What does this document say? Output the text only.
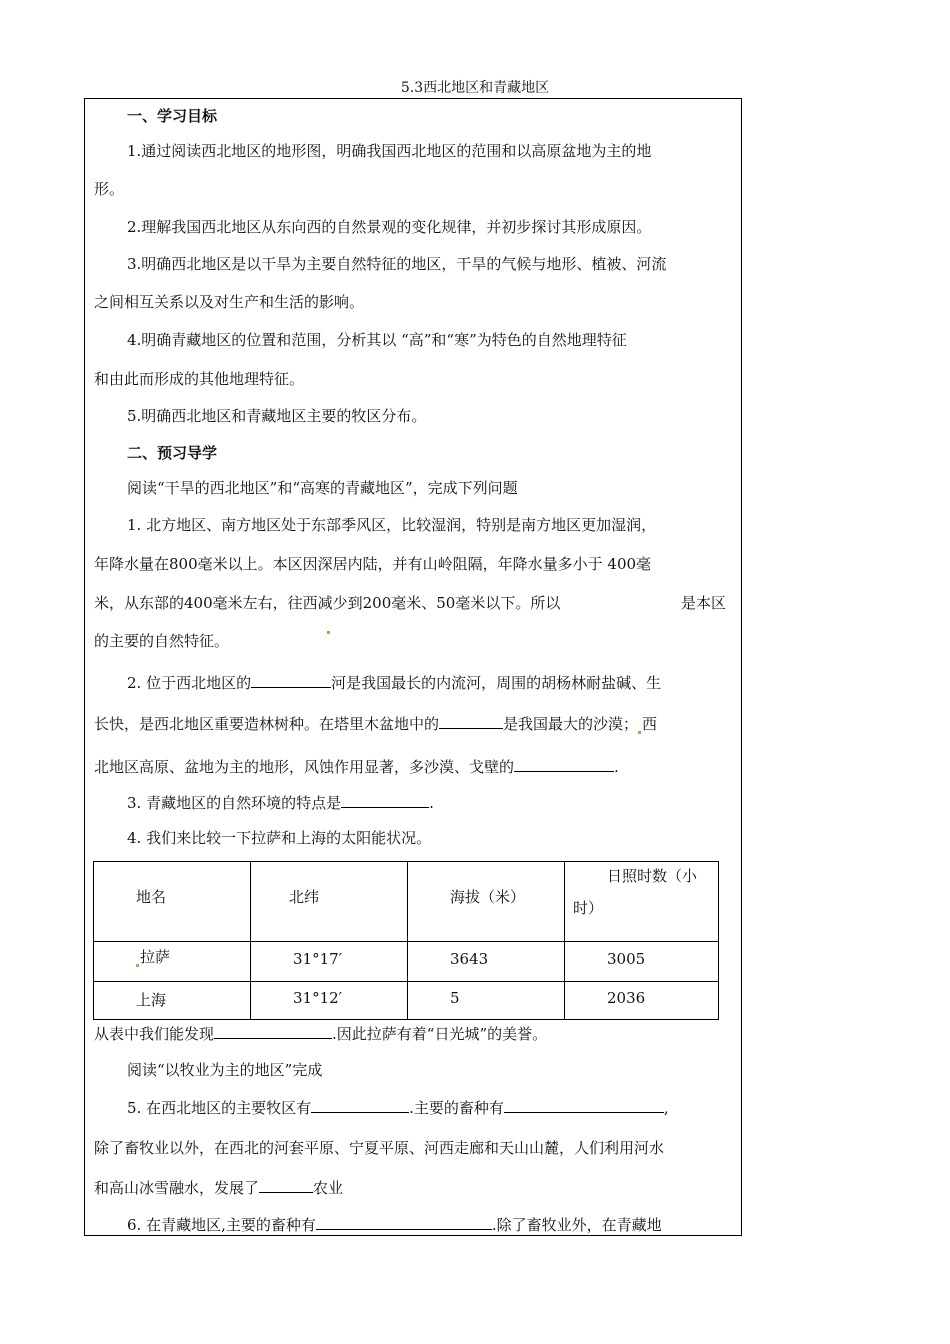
5.3西北地区和青藏地区
一、学习目标
1.通过阅读西北地区的地形图，明确我国西北地区的范围和以高原盆地为主的地
形。
2.理解我国西北地区从东向西的自然景观的变化规律，并初步探讨其形成原因。
3.明确西北地区是以干旱为主要自然特征的地区，干旱的气候与地形、植被、河流
之间相互关系以及对生产和生活的影响。
4.明确青藏地区的位置和范围，分析其以 “高”和“寒”为特色的自然地理特征
和由此而形成的其他地理特征。
5.明确西北地区和青藏地区主要的牧区分布。
二、预习导学
阅读“干旱的西北地区”和“高寒的青藏地区”，完成下列问题
1. 北方地区、南方地区处于东部季风区，比较湿润，特别是南方地区更加湿润，
年降水量在800毫米以上。本区因深居内陆，并有山岭阻隔，年降水量多小于 400毫
米，从东部的400毫米左右，往西减少到200毫米、50毫米以下。所以	是本区
的主要的自然特征。
2. 位于西北地区的	河是我国最长的内流河，周围的胡杨林耐盐碱、生
长快，是西北地区重要造林树种。在塔里木盆地中的	是我国最大的沙漠； 西
北地区高原、盆地为主的地形，风蚀作用显著，多沙漠、戈壁的	.
3. 青藏地区的自然环境的特点是	.
4. 我们来比较一下拉萨和上海的太阳能状况。
地名	北纬	海拔（米）	日照时数（小
时）

拉萨	31°17′	3643	3005

上海	31°12′	5	2036
从表中我们能发现	.因此拉萨有着“日光城”的美誉。
阅读“以牧业为主的地区”完成
5. 在西北地区的主要牧区有	.主要的畜种有	,
除了畜牧业以外，在西北的河套平原、宁夏平原、河西走廊和天山山麓，人们利用河水
和高山冰雪融水，发展了	农业
6. 在青藏地区,主要的畜种有	.除了畜牧业外，在青藏地
